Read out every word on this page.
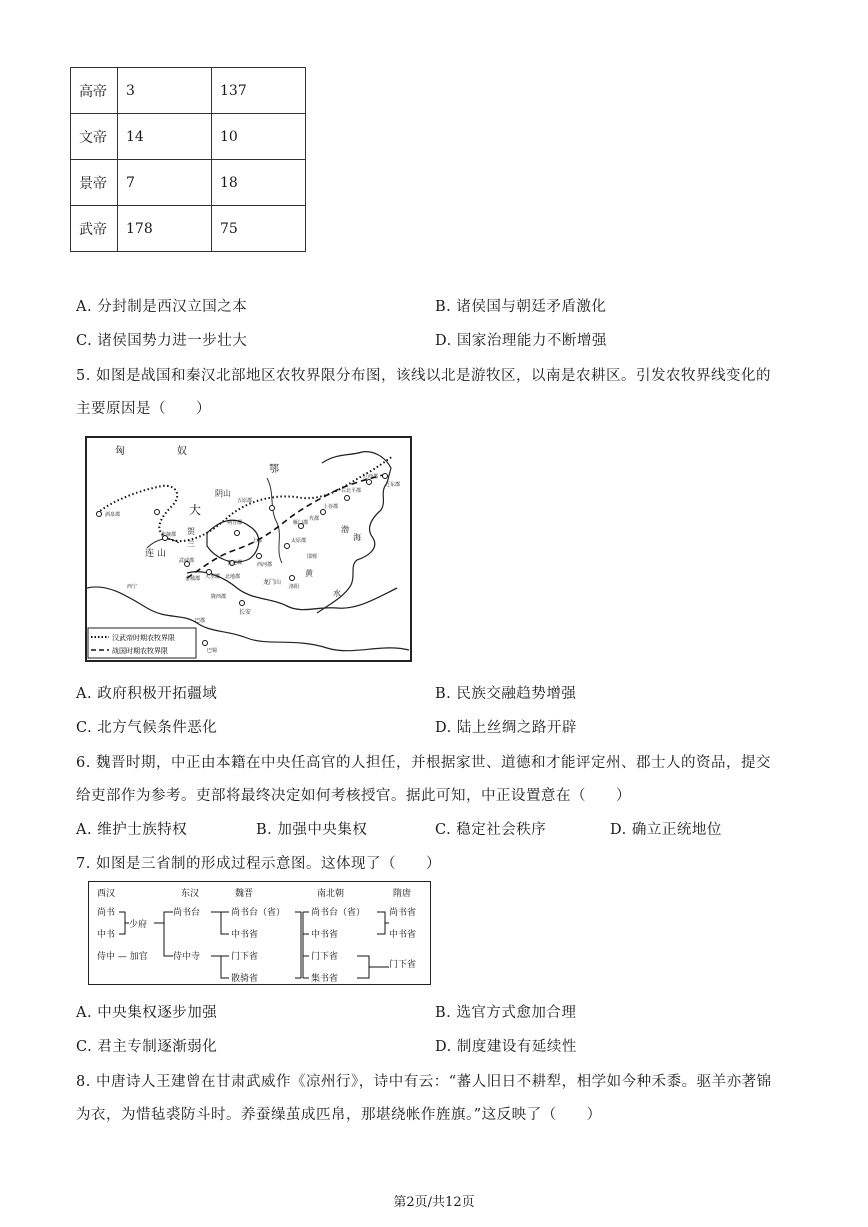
高帝	3	137
文帝	14	10
景帝	7	18
武帝	178	75
A. 分封制是西汉立国之本	B. 诸侯国与朝廷矛盾激化
C. 诸侯国势力进一步壮大	D. 国家治理能力不断增强
5. 如图是战国和秦汉北部地区农牧界限分布图，该线以北是游牧区，以南是农耕区。引发农牧界线变化的
主要原因是（　　）
匈	奴
鄂
大
阴山
五原郡
朔方郡
贺
兰
酒泉郡
张掖郡
武威郡
金城郡 天水郡 北地郡
安定郡
上郡
西河郡
太原郡
雁门郡
代郡
上谷郡
右北平郡
辽西郡
辽东郡
渤
海
黄
水
陇西郡
长安
洛阳
邯郸
巴郡
龙门山
巴蜀
西宁
连 山
汉武帝时期农牧界限
战国时期农牧界限
A. 政府积极开拓疆域	B. 民族交融趋势增强
C. 北方气候条件恶化	D. 陆上丝绸之路开辟
6. 魏晋时期，中正由本籍在中央任高官的人担任，并根据家世、道德和才能评定州、郡士人的资品，提交
给吏部作为参考。吏部将最终决定如何考核授官。据此可知，中正设置意在（　　）
A. 维护士族特权	B. 加强中央集权	C. 稳定社会秩序	D. 确立正统地位
7. 如图是三省制的形成过程示意图。这体现了（　　）
西汉	东汉	魏晋	南北朝	隋唐
尚书
中书
侍中 — 加官
少府
尚书台
侍中寺
尚书台（省）
中书省
门下省
散骑省
尚书台（省）
中书省
门下省
集书省
尚书省
中书省
门下省
A. 中央集权逐步加强	B. 选官方式愈加合理
C. 君主专制逐渐弱化	D. 制度建设有延续性
8. 中唐诗人王建曾在甘肃武威作《凉州行》，诗中有云：“蕃人旧日不耕犁，相学如今种禾黍。驱羊亦著锦
为衣，为惜毡裘防斗时。养蚕缲茧成匹帛，那堪绕帐作旌旗。”这反映了（　　）
第2页/共12页
